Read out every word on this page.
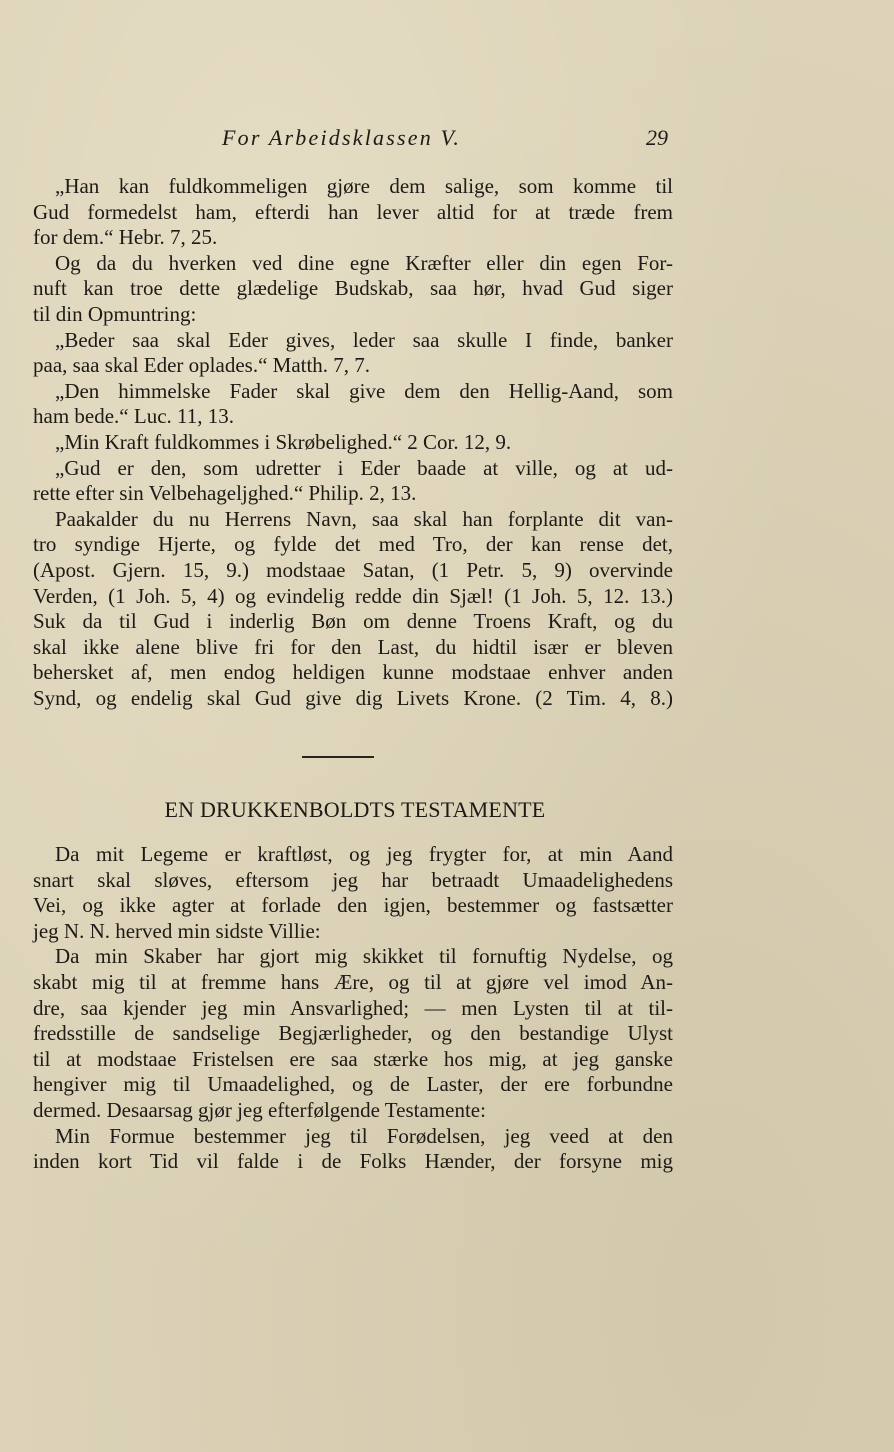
For Arbeidsklassen V.	29
„Han kan fuldkommeligen gjøre dem salige, som komme til
Gud formedelst ham, efterdi han lever altid for at træde frem
for dem.“ Hebr. 7, 25.
Og da du hverken ved dine egne Kræfter eller din egen For-
nuft kan troe dette glædelige Budskab, saa hør, hvad Gud siger
til din Opmuntring:
„Beder saa skal Eder gives, leder saa skulle I finde, banker
paa, saa skal Eder oplades.“ Matth. 7, 7.
„Den himmelske Fader skal give dem den Hellig-Aand, som
ham bede.“ Luc. 11, 13.
„Min Kraft fuldkommes i Skrøbelighed.“ 2 Cor. 12, 9.
„Gud er den, som udretter i Eder baade at ville, og at ud-
rette efter sin Velbehageljghed.“ Philip. 2, 13.
Paakalder du nu Herrens Navn, saa skal han forplante dit van-
tro syndige Hjerte, og fylde det med Tro, der kan rense det,
(Apost. Gjern. 15, 9.) modstaae Satan, (1 Petr. 5, 9) overvinde
Verden, (1 Joh. 5, 4) og evindelig redde din Sjæl! (1 Joh. 5, 12. 13.)
Suk da til Gud i inderlig Bøn om denne Troens Kraft, og du
skal ikke alene blive fri for den Last, du hidtil især er bleven
behersket af, men endog heldigen kunne modstaae enhver anden
Synd, og endelig skal Gud give dig Livets Krone. (2 Tim. 4, 8.)
EN DRUKKENBOLDTS TESTAMENTE
Da mit Legeme er kraftløst, og jeg frygter for, at min Aand
snart skal sløves, eftersom jeg har betraadt Umaadelighedens
Vei, og ikke agter at forlade den igjen, bestemmer og fastsætter
jeg N. N. herved min sidste Villie:
Da min Skaber har gjort mig skikket til fornuftig Nydelse, og
skabt mig til at fremme hans Ære, og til at gjøre vel imod An-
dre, saa kjender jeg min Ansvarlighed; — men Lysten til at til-
fredsstille de sandselige Begjærligheder, og den bestandige Ulyst
til at modstaae Fristelsen ere saa stærke hos mig, at jeg ganske
hengiver mig til Umaadelighed, og de Laster, der ere forbundne
dermed. Desaarsag gjør jeg efterfølgende Testamente:
Min Formue bestemmer jeg til Forødelsen, jeg veed at den
inden kort Tid vil falde i de Folks Hænder, der forsyne mig
